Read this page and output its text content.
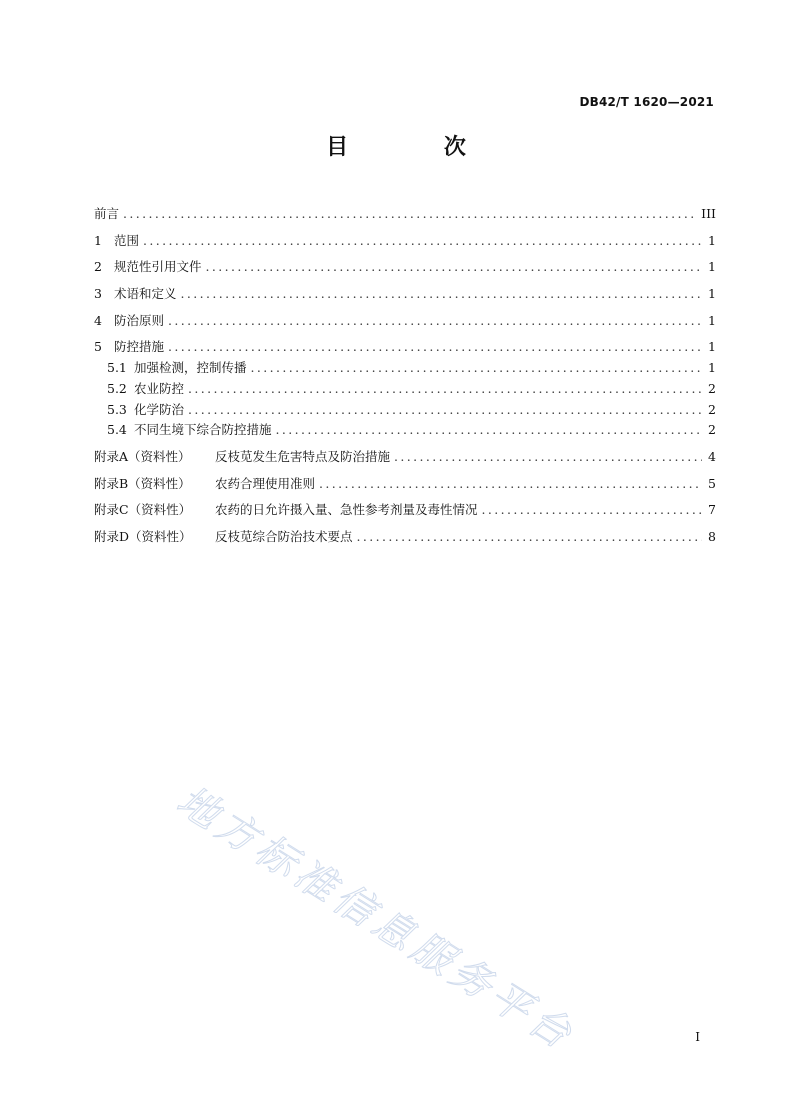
DB42/T 1620—2021
目 次
前言 .....	III
1 范围 .....	1
2 规范性引用文件 .....	1
3 术语和定义 .....	1
4 防治原则 .....	1
5 防控措施 .....	1
5.1 加强检测，控制传播 .....	1
5.2 农业防控 .....	2
5.3 化学防治 .....	2
5.4 不同生境下综合防控措施 .....	2
附录A（资料性）	反枝苋发生危害特点及防治措施 .....	4
附录B（资料性）	农药合理使用准则 .....	5
附录C（资料性）	农药的日允许摄入量、急性参考剂量及毒性情况 .....	7
附录D（资料性）	反枝苋综合防治技术要点 .....	8
地方标准信息服务平台	I
